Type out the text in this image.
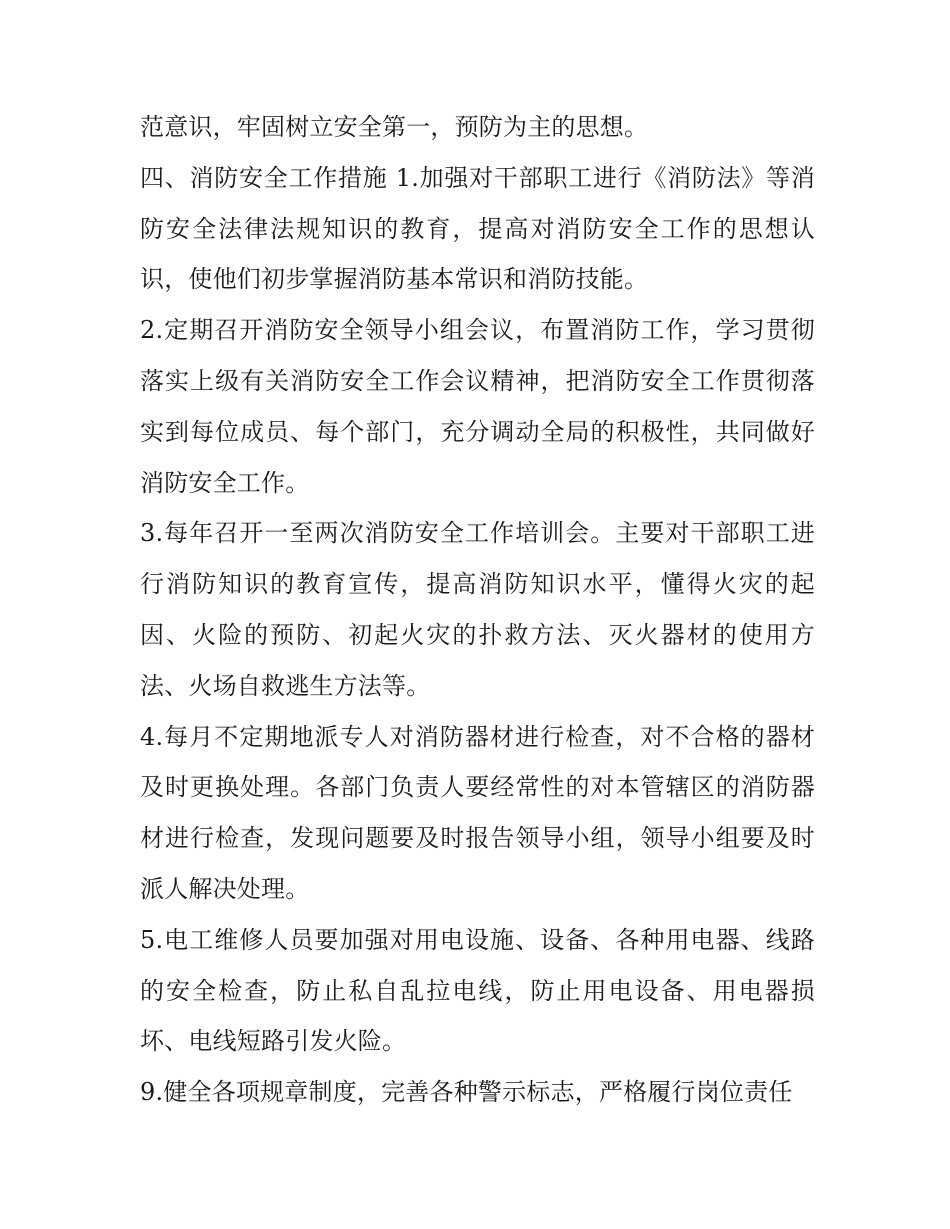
范意识，牢固树立安全第一，预防为主的思想。

四、消防安全工作措施 1.加强对干部职工进行《消防法》等消防安全法律法规知识的教育，提高对消防安全工作的思想认识，使他们初步掌握消防基本常识和消防技能。

2.定期召开消防安全领导小组会议，布置消防工作，学习贯彻落实上级有关消防安全工作会议精神，把消防安全工作贯彻落实到每位成员、每个部门，充分调动全局的积极性，共同做好消防安全工作。

3.每年召开一至两次消防安全工作培训会。主要对干部职工进行消防知识的教育宣传，提高消防知识水平，懂得火灾的起因、火险的预防、初起火灾的扑救方法、灭火器材的使用方法、火场自救逃生方法等。

4.每月不定期地派专人对消防器材进行检查，对不合格的器材及时更换处理。各部门负责人要经常性的对本管辖区的消防器材进行检查，发现问题要及时报告领导小组，领导小组要及时派人解决处理。

5.电工维修人员要加强对用电设施、设备、各种用电器、线路的安全检查，防止私自乱拉电线，防止用电设备、用电器损坏、电线短路引发火险。

9.健全各项规章制度，完善各种警示标志，严格履行岗位责任
